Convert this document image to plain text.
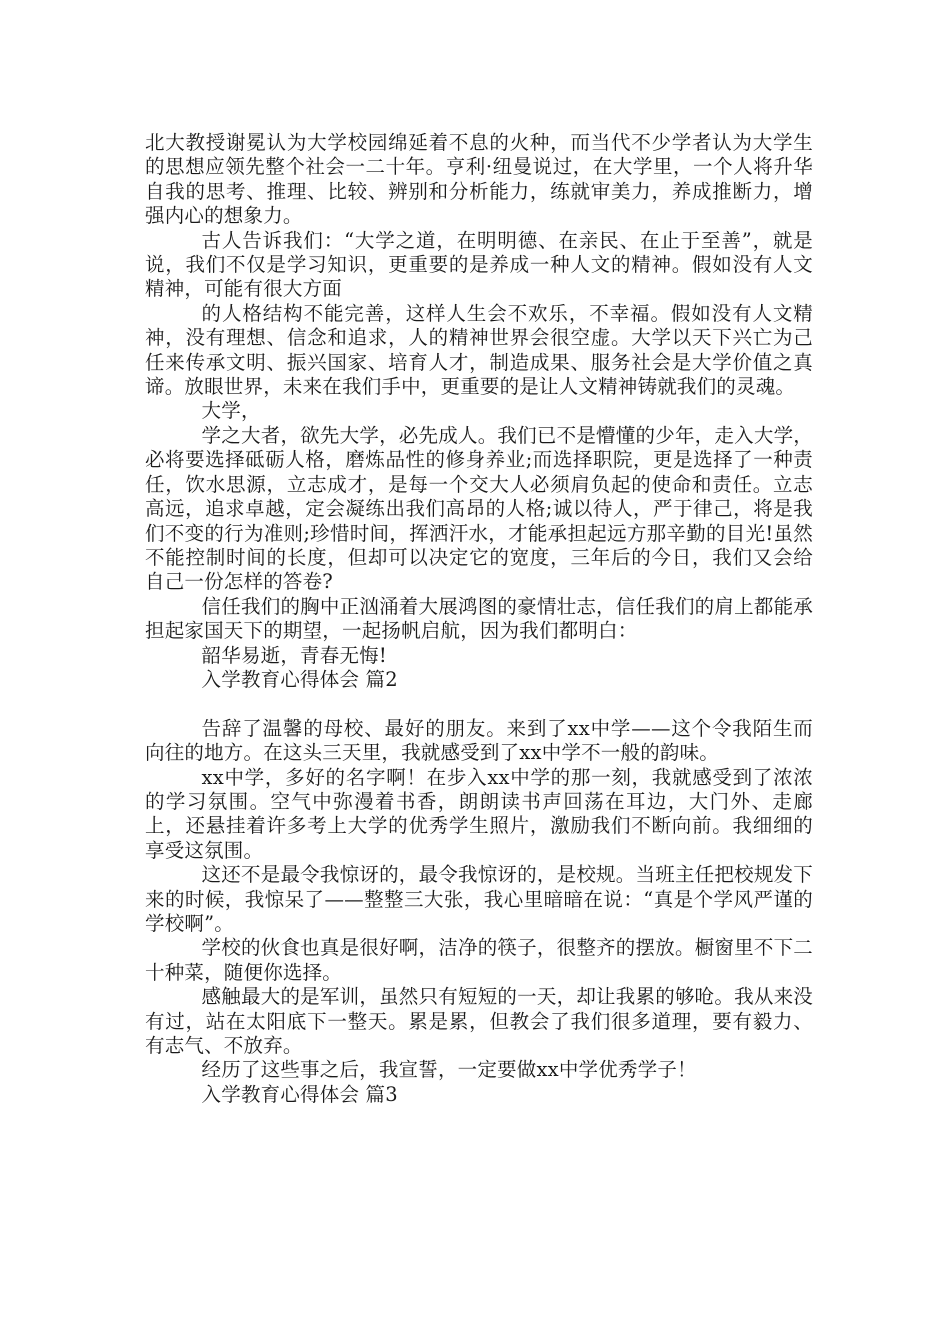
北大教授谢冕认为大学校园绵延着不息的火种，而当代不少学者认为大学生的思想应领先整个社会一二十年。亨利·纽曼说过，在大学里，一个人将升华自我的思考、推理、比较、辨别和分析能力，练就审美力，养成推断力，增强内心的想象力。

古人告诉我们：“大学之道，在明明德、在亲民、在止于至善”，就是说，我们不仅是学习知识，更重要的是养成一种人文的精神。假如没有人文精神，可能有很大方面

的人格结构不能完善，这样人生会不欢乐，不幸福。假如没有人文精神，没有理想、信念和追求，人的精神世界会很空虚。大学以天下兴亡为己任来传承文明、振兴国家、培育人才，制造成果、服务社会是大学价值之真谛。放眼世界，未来在我们手中，更重要的是让人文精神铸就我们的灵魂。

大学，

学之大者，欲先大学，必先成人。我们已不是懵懂的少年，走入大学，必将要选择砥砺人格，磨炼品性的修身养业;而选择职院，更是选择了一种责任，饮水思源，立志成才，是每一个交大人必须肩负起的使命和责任。立志高远，追求卓越，定会凝练出我们高昂的人格;诚以待人，严于律己，将是我们不变的行为准则;珍惜时间，挥洒汗水，才能承担起远方那辛勤的目光!虽然不能控制时间的长度，但却可以决定它的宽度，三年后的今日，我们又会给自己一份怎样的答卷?

信任我们的胸中正汹涌着大展鸿图的豪情壮志，信任我们的肩上都能承担起家国天下的期望，一起扬帆启航，因为我们都明白：

韶华易逝，青春无悔!

入学教育心得体会 篇2

告辞了温馨的母校、最好的朋友。来到了xx中学——这个令我陌生而向往的地方。在这头三天里，我就感受到了xx中学不一般的韵味。

xx中学，多好的名字啊！在步入xx中学的那一刻，我就感受到了浓浓的学习氛围。空气中弥漫着书香，朗朗读书声回荡在耳边，大门外、走廊上，还悬挂着许多考上大学的优秀学生照片，激励我们不断向前。我细细的享受这氛围。

这还不是最令我惊讶的，最令我惊讶的，是校规。当班主任把校规发下来的时候，我惊呆了——整整三大张，我心里暗暗在说：“真是个学风严谨的学校啊”。

学校的伙食也真是很好啊，洁净的筷子，很整齐的摆放。橱窗里不下二十种菜，随便你选择。

感触最大的是军训，虽然只有短短的一天，却让我累的够呛。我从来没有过，站在太阳底下一整天。累是累，但教会了我们很多道理，要有毅力、有志气、不放弃。

经历了这些事之后，我宣誓，一定要做xx中学优秀学子！

入学教育心得体会 篇3
